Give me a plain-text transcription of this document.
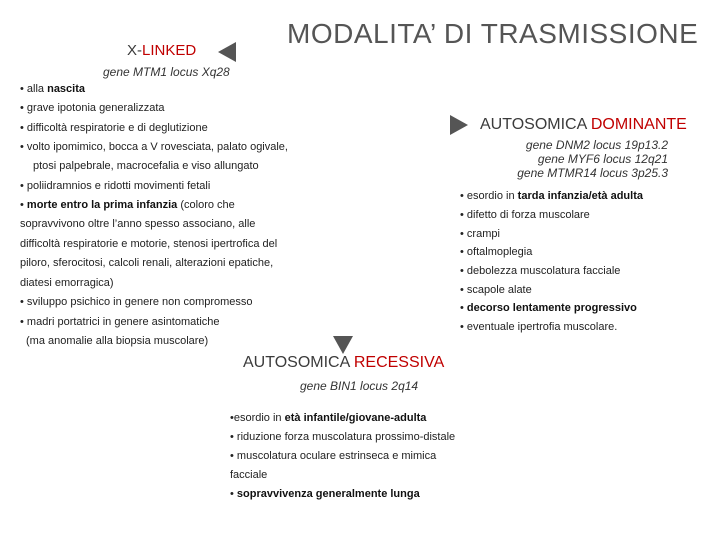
MODALITA’ DI TRASMISSIONE
X-LINKED
gene MTM1 locus Xq28
• alla nascita
• grave ipotonia generalizzata
• difficoltà respiratorie e di deglutizione
• volto ipomimico, bocca a V rovesciata, palato ogivale,
ptosi palpebrale, macrocefalia e viso allungato
• poliidramnios e ridotti movimenti fetali
• morte entro la prima infanzia (coloro che
sopravvivono oltre l’anno spesso associano, alle
difficoltà respiratorie e motorie, stenosi ipertrofica del
piloro, sferocitosi, calcoli renali, alterazioni epatiche,
diatesi emorragica)
• sviluppo psichico in genere non compromesso
• madri portatrici in genere asintomatiche
(ma anomalie alla biopsia muscolare)
AUTOSOMICA DOMINANTE
gene DNM2 locus 19p13.2
gene MYF6 locus 12q21
gene MTMR14 locus 3p25.3
• esordio in tarda infanzia/età adulta
• difetto di forza muscolare
• crampi
• oftalmoplegia
• debolezza muscolatura facciale
• scapole alate
• decorso lentamente progressivo
• eventuale ipertrofia muscolare.
AUTOSOMICA RECESSIVA
gene BIN1 locus 2q14
•esordio in età infantile/giovane-adulta
• riduzione forza muscolatura prossimo-distale
• muscolatura oculare estrinseca e mimica
facciale
• sopravvivenza generalmente lunga
